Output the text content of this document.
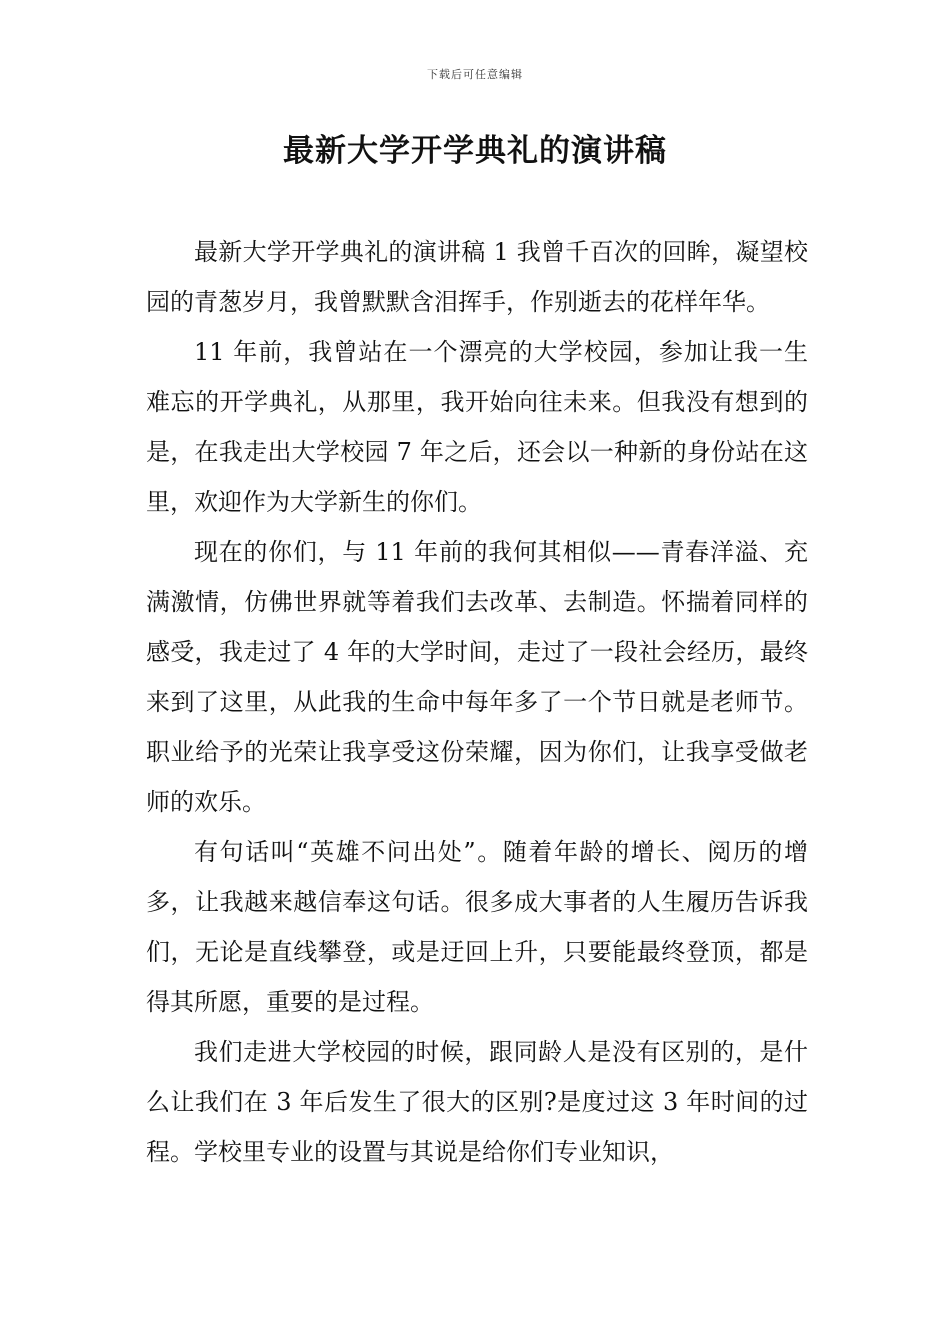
下载后可任意编辑
最新大学开学典礼的演讲稿

最新大学开学典礼的演讲稿 1 我曾千百次的回眸，凝望校园的青葱岁月，我曾默默含泪挥手，作别逝去的花样年华。

11 年前，我曾站在一个漂亮的大学校园，参加让我一生难忘的开学典礼，从那里，我开始向往未来。但我没有想到的是，在我走出大学校园 7 年之后，还会以一种新的身份站在这里，欢迎作为大学新生的你们。

现在的你们，与 11 年前的我何其相似——青春洋溢、充满激情，仿佛世界就等着我们去改革、去制造。怀揣着同样的感受，我走过了 4 年的大学时间，走过了一段社会经历，最终来到了这里，从此我的生命中每年多了一个节日就是老师节。职业给予的光荣让我享受这份荣耀，因为你们，让我享受做老师的欢乐。

有句话叫“英雄不问出处”。随着年龄的增长、阅历的增多，让我越来越信奉这句话。很多成大事者的人生履历告诉我们，无论是直线攀登，或是迂回上升，只要能最终登顶，都是得其所愿，重要的是过程。

我们走进大学校园的时候，跟同龄人是没有区别的，是什么让我们在 3 年后发生了很大的区别?是度过这 3 年时间的过程。学校里专业的设置与其说是给你们专业知识，
